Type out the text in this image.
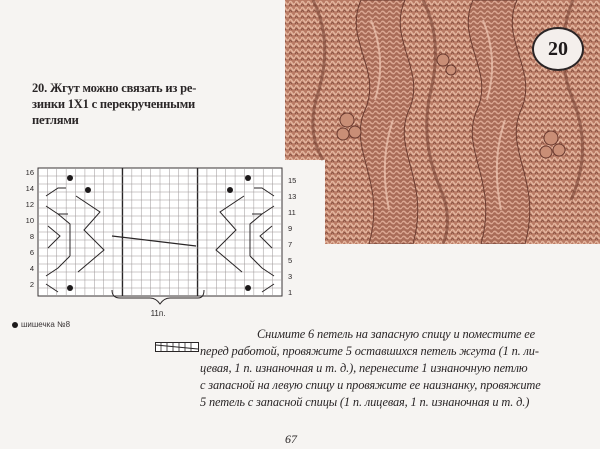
20
20. Жгут можно связать из ре-
зинки 1Х1 с перекрученными
петлями
16
14
12
10
8
6
4
2
15
13
11
9
7
5
3
1
11п.
шишечка №8
Снимите 6 петель на запасную спицу и поместите ее
перед работой, провяжите 5 оставшихся петель жгута (1 п. ли-
цевая, 1 п. изнаночная и т. д.), перенесите 1 изнаночную петлю
с запасной на левую спицу и провяжите ее наизнанку, провяжите
5 петель с запасной спицы (1 п. лицевая, 1 п. изнаночная и т. д.)
67
